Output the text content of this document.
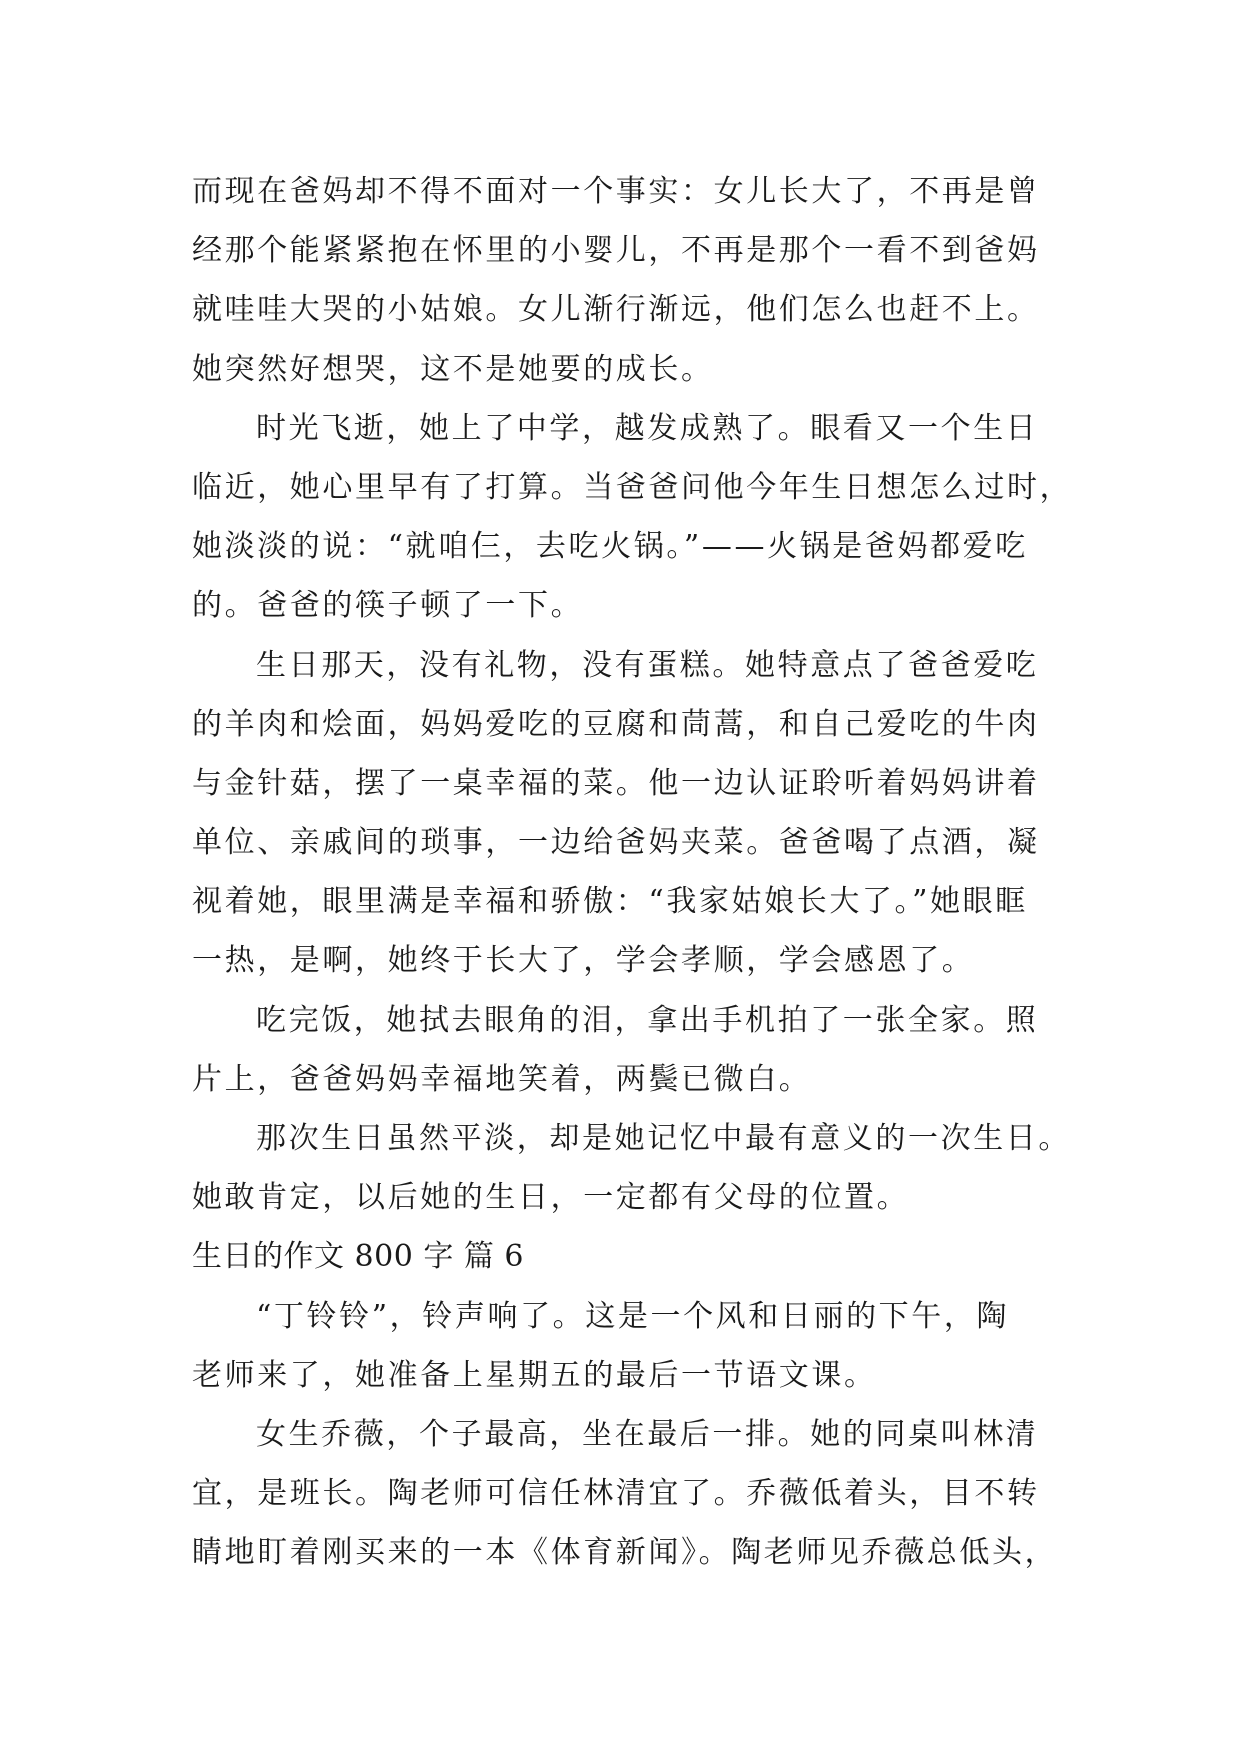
而现在爸妈却不得不面对一个事实：女儿长大了，不再是曾
经那个能紧紧抱在怀里的小婴儿，不再是那个一看不到爸妈
就哇哇大哭的小姑娘。女儿渐行渐远，他们怎么也赶不上。
她突然好想哭，这不是她要的成长。
时光飞逝，她上了中学，越发成熟了。眼看又一个生日
临近，她心里早有了打算。当爸爸问他今年生日想怎么过时，
她淡淡的说：“就咱仨，去吃火锅。”——火锅是爸妈都爱吃
的。爸爸的筷子顿了一下。
生日那天，没有礼物，没有蛋糕。她特意点了爸爸爱吃
的羊肉和烩面，妈妈爱吃的豆腐和茼蒿，和自己爱吃的牛肉
与金针菇，摆了一桌幸福的菜。他一边认证聆听着妈妈讲着
单位、亲戚间的琐事，一边给爸妈夹菜。爸爸喝了点酒，凝
视着她，眼里满是幸福和骄傲：“我家姑娘长大了。”她眼眶
一热，是啊，她终于长大了，学会孝顺，学会感恩了。
吃完饭，她拭去眼角的泪，拿出手机拍了一张全家。照
片上，爸爸妈妈幸福地笑着，两鬓已微白。
那次生日虽然平淡，却是她记忆中最有意义的一次生日。
她敢肯定，以后她的生日，一定都有父母的位置。
生日的作文 800 字 篇 6
“丁铃铃”，铃声响了。这是一个风和日丽的下午，陶
老师来了，她准备上星期五的最后一节语文课。
女生乔薇，个子最高，坐在最后一排。她的同桌叫林清
宜，是班长。陶老师可信任林清宜了。乔薇低着头，目不转
睛地盯着刚买来的一本《体育新闻》。陶老师见乔薇总低头，
